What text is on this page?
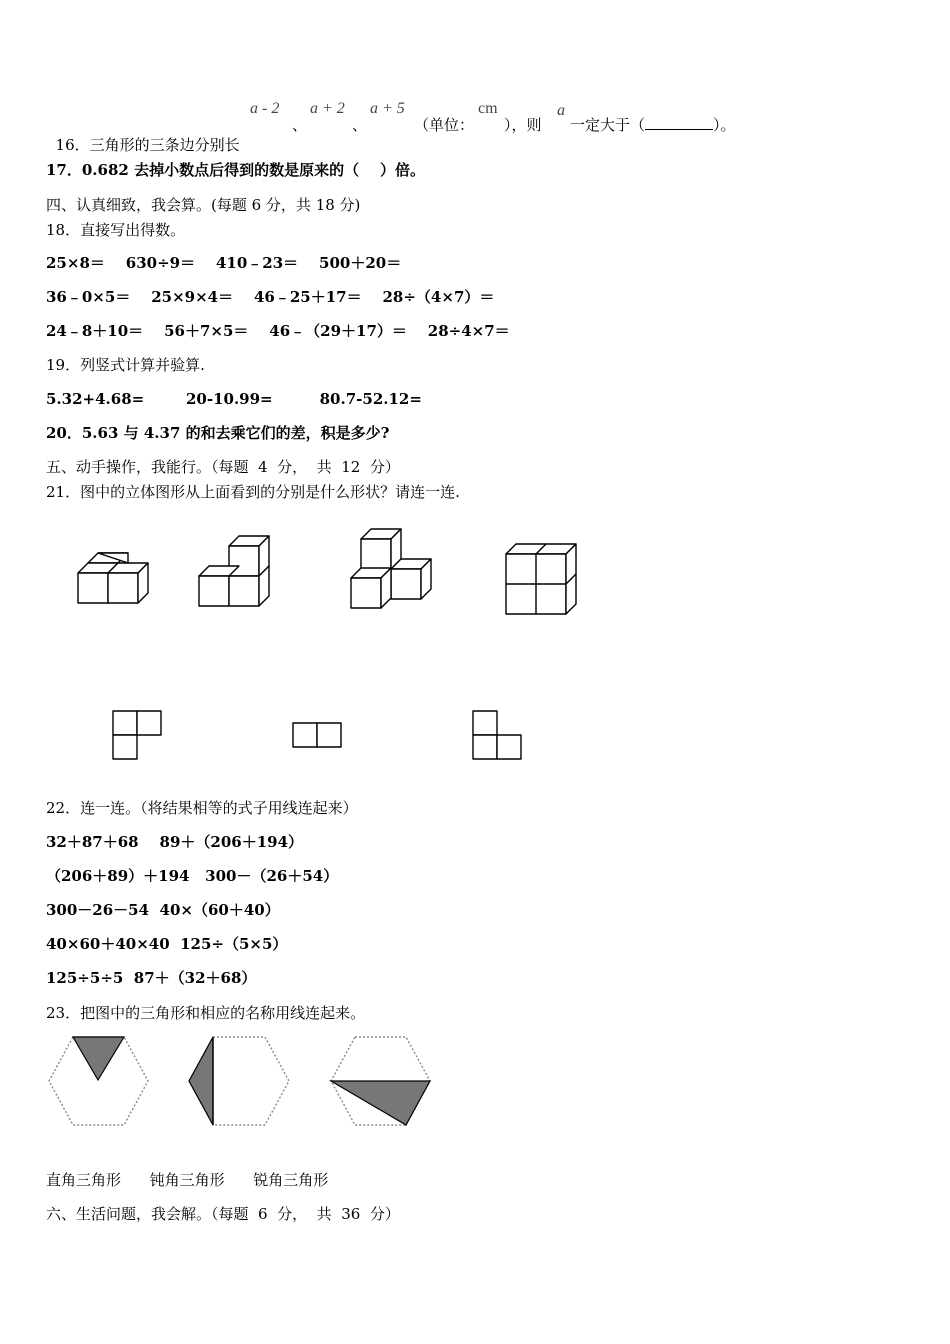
16．三角形的三条边分别长

a - 2
、
a + 2
、
a + 5
（单位：
cm
），则
a
一定大于（	）。
17．0.682 去掉小数点后得到的数是原来的（    ）倍。
四、认真细致，我会算。(每题 6 分，共 18 分)
18．直接写出得数。
25×8＝    630÷9＝    410﹣23＝    500＋20＝
36﹣0×5＝    25×9×4＝    46﹣25＋17＝    28÷（4×7）＝
24﹣8＋10＝    56＋7×5＝    46﹣（29＋17）＝    28÷4×7＝
19．列竖式计算并验算.
5.32+4.68=        20-10.99=         80.7-52.12=
20．5.63 与 4.37 的和去乘它们的差，积是多少?
五、动手操作，我能行。（每题  4  分，  共  12  分）
21．图中的立体图形从上面看到的分别是什么形状？请连一连.
22．连一连。（将结果相等的式子用线连起来）
32＋87＋68    89＋（206＋194）
（206＋89）＋194   300－（26＋54）
300－26－54  40×（60＋40）
40×60＋40×40  125÷（5×5）
125÷5÷5  87＋（32＋68）
23．把图中的三角形和相应的名称用线连起来。
直角三角形      钝角三角形      锐角三角形
六、生活问题，我会解。（每题  6  分，  共  36  分）
